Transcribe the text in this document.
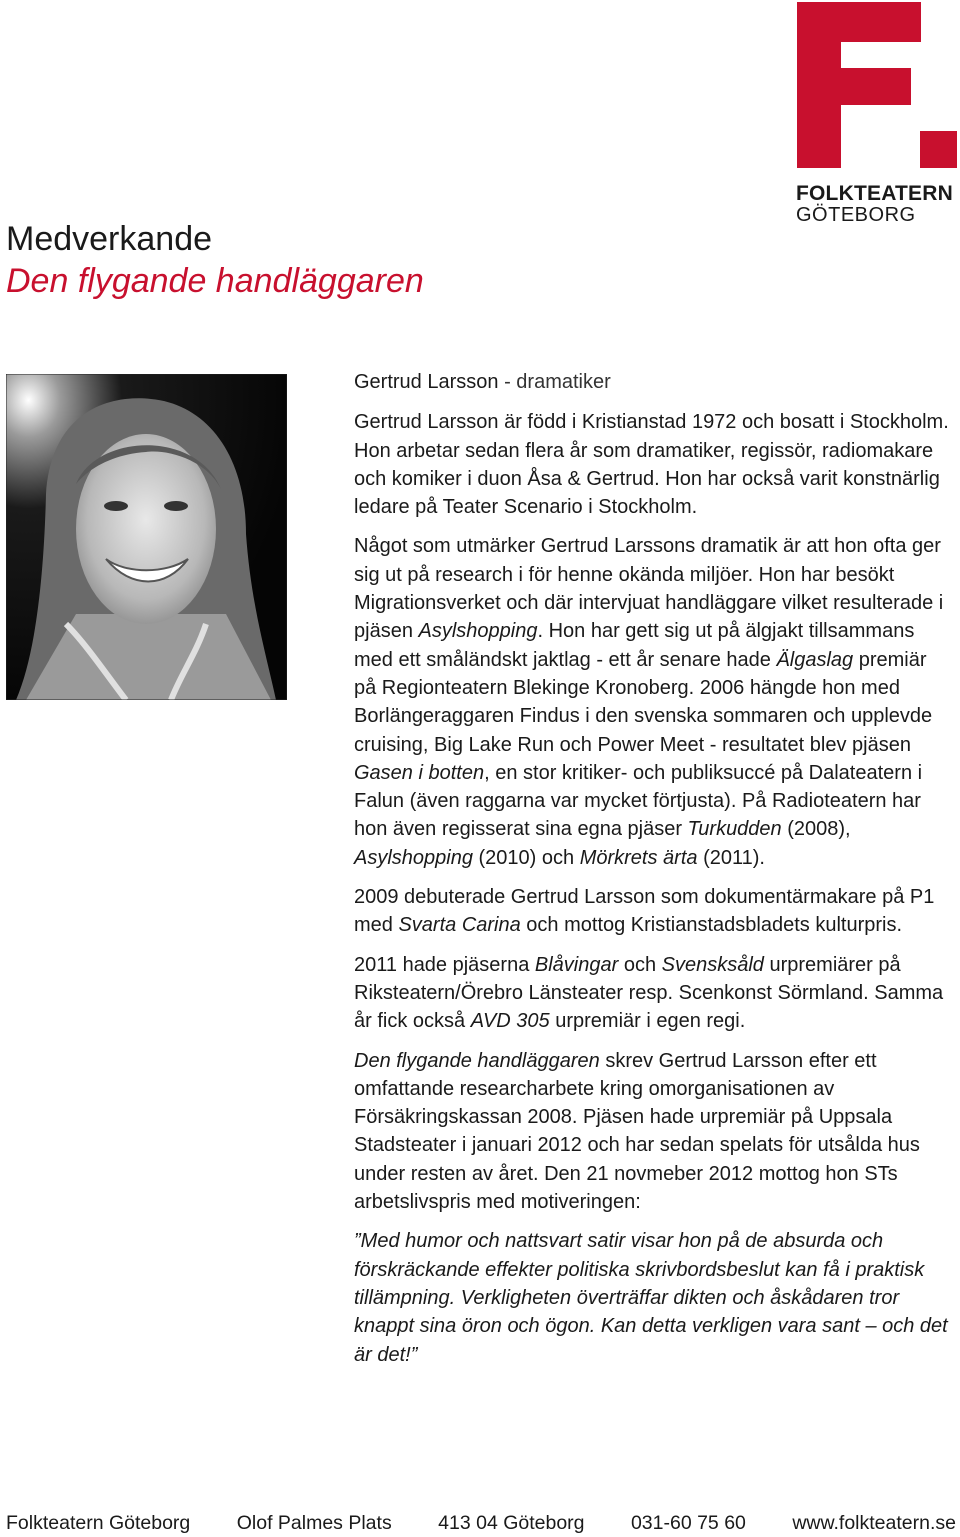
FOLKTEATERN
GÖTEBORG
Medverkande
Den flygande handläggaren

Gertrud Larsson - dramatiker

Gertrud Larsson är född i Kristianstad 1972 och bosatt i Stockholm. Hon arbetar sedan flera år som dramatiker, regissör, radiomakare och komiker i duon Åsa & Gertrud. Hon har också varit konstnärlig ledare på Teater Scenario i Stockholm.

Något som utmärker Gertrud Larssons dramatik är att hon ofta ger sig ut på research i för henne okända miljöer. Hon har besökt Migrationsverket och där intervjuat handläggare vilket resulterade i pjäsen Asylshopping. Hon har gett sig ut på älgjakt tillsammans med ett småländskt jaktlag - ett år senare hade Älgaslag premiär på Regionteatern Blekinge Kronoberg. 2006 hängde hon med Borlängeraggaren Findus i den svenska sommaren och upplevde cruising, Big Lake Run och Power Meet - resultatet blev pjäsen Gasen i botten, en stor kritiker- och publiksuccé på Dalateatern i Falun (även raggarna var mycket förtjusta). På Radioteatern har hon även regisserat sina egna pjäser Turkudden (2008), Asylshopping (2010) och Mörkrets ärta (2011).

2009 debuterade Gertrud Larsson som dokumentärmakare på P1 med Svarta Carina och mottog Kristianstadsbladets kulturpris.

2011 hade pjäserna Blåvingar och Svensksåld urpremiärer på Riksteatern/Örebro Länsteater resp. Scenkonst Sörmland. Samma år fick också AVD 305 urpremiär i egen regi.

Den flygande handläggaren skrev Gertrud Larsson efter ett omfattande researcharbete kring omorganisationen av Försäkringskassan 2008. Pjäsen hade urpremiär på Uppsala Stadsteater i januari 2012 och har sedan spelats för utsålda hus under resten av året. Den 21 novmeber 2012 mottog hon STs arbetslivspris med motiveringen:

”Med humor och nattsvart satir visar hon på de absurda och förskräckande effekter politiska skrivbordsbeslut kan få i praktisk tillämpning. Verkligheten överträffar dikten och åskådaren tror knappt sina öron och ögon. Kan detta verkligen vara sant – och det är det!”

Folkteatern Göteborg Olof Palmes Plats 413 04 Göteborg 031-60 75 60 www.folkteatern.se
